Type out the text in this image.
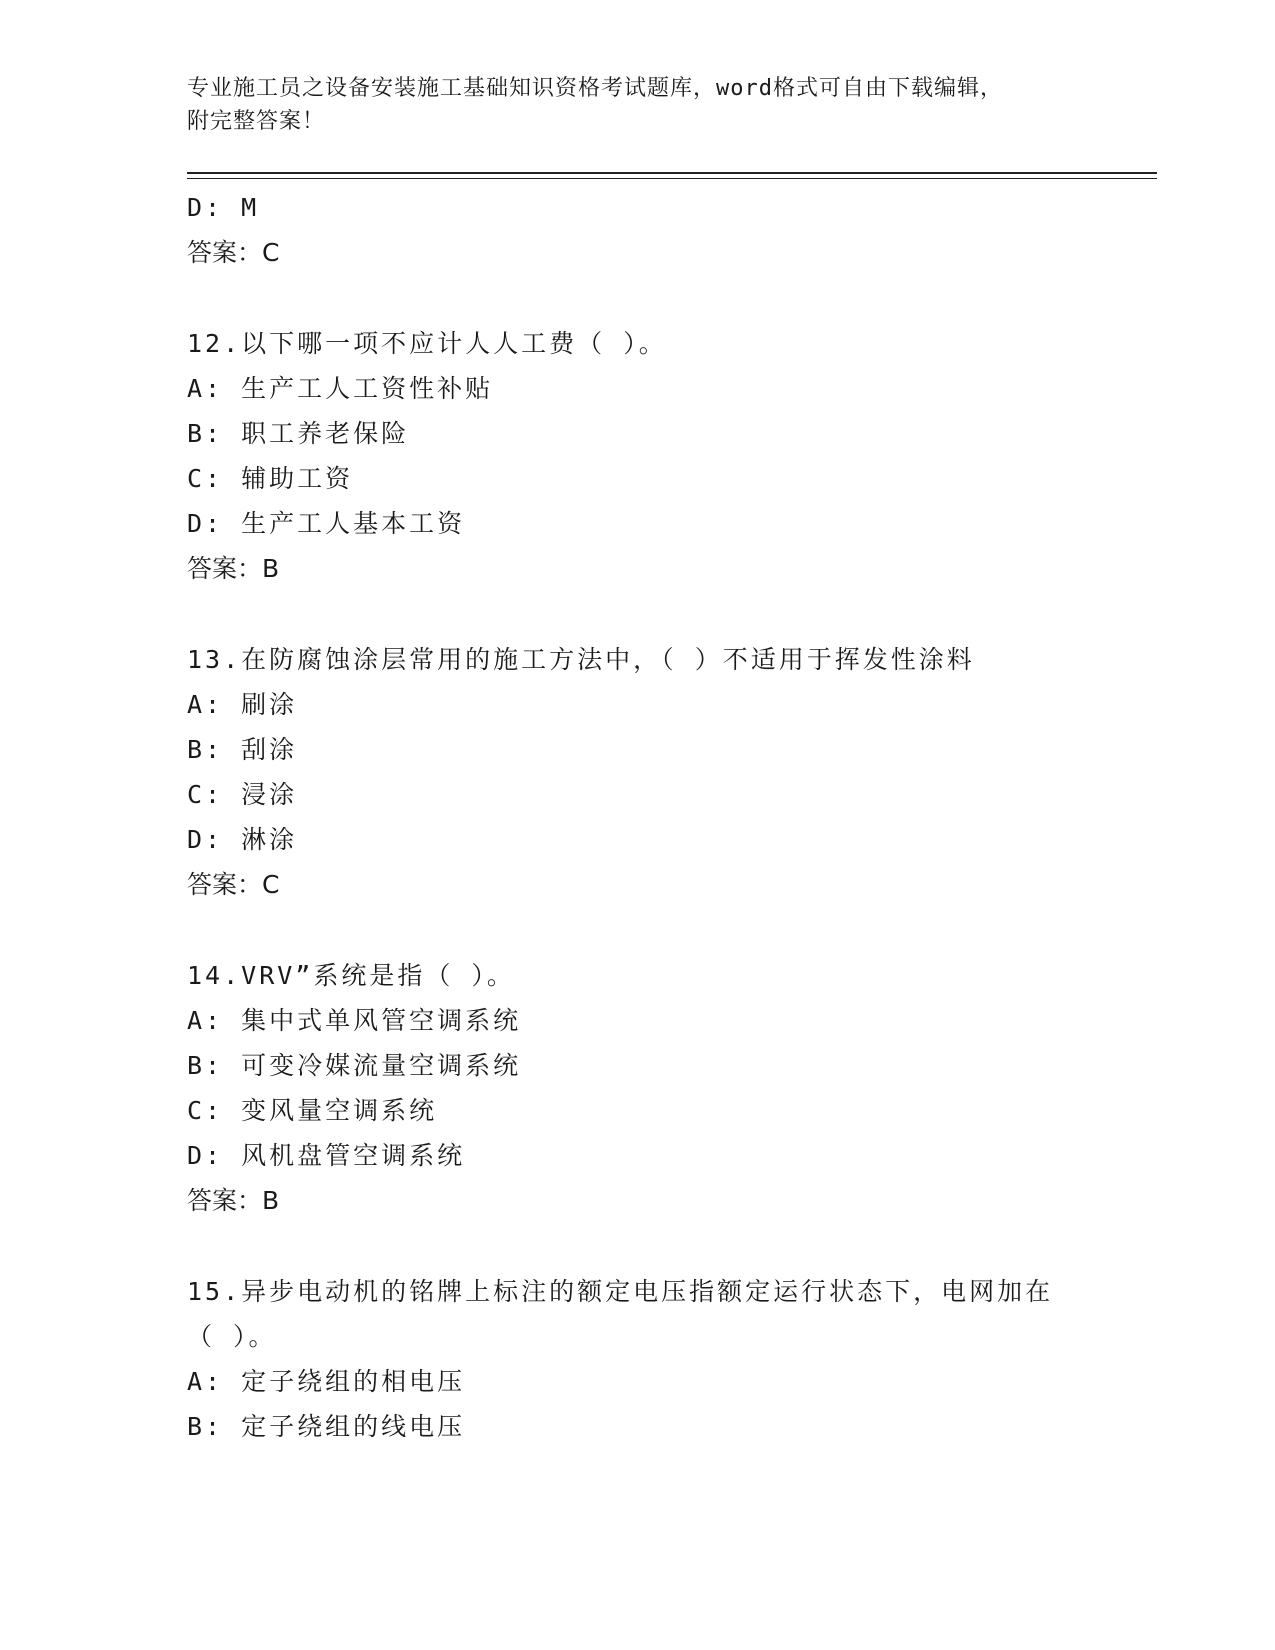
专业施工员之设备安装施工基础知识资格考试题库，word格式可自由下载编辑，

附完整答案！

D: M
答案：C
12.以下哪一项不应计人人工费（ ）。
A: 生产工人工资性补贴
B: 职工养老保险
C: 辅助工资
D: 生产工人基本工资
答案：B
13.在防腐蚀涂层常用的施工方法中，（ ）不适用于挥发性涂料
A: 刷涂
B: 刮涂
C: 浸涂
D: 淋涂
答案：C
14.VRV”系统是指（ ）。
A: 集中式单风管空调系统
B: 可变冷媒流量空调系统
C: 变风量空调系统
D: 风机盘管空调系统
答案：B
15.异步电动机的铭牌上标注的额定电压指额定运行状态下，电网加在
（ ）。
A: 定子绕组的相电压
B: 定子绕组的线电压
